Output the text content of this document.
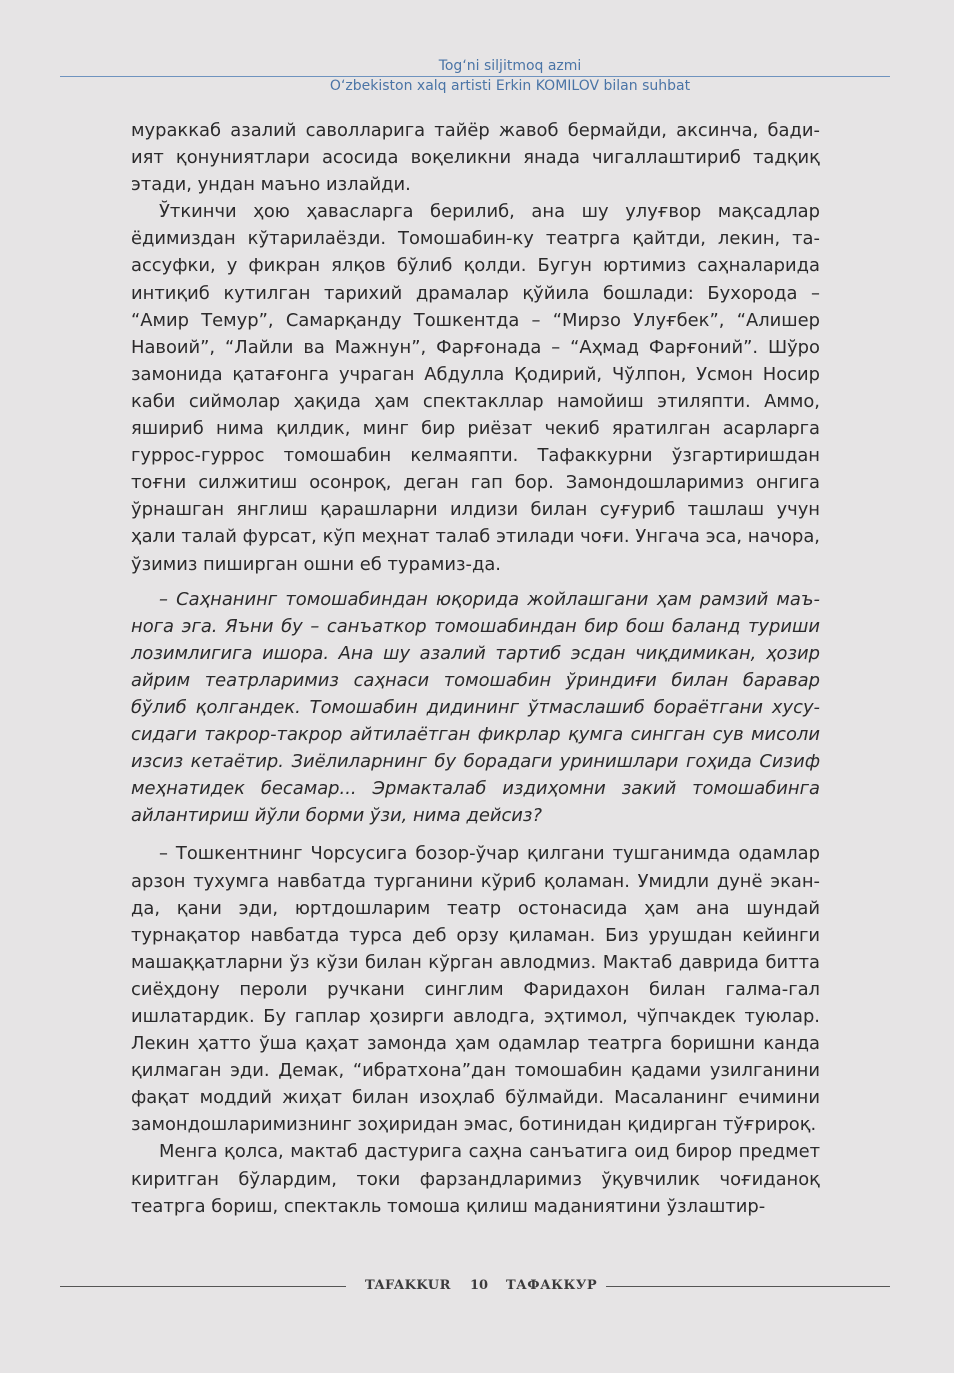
Tog‘ni siljitmoq azmi
O‘zbekiston xalq artisti Erkin KOMILOV bilan suhbat

мураккаб азалий саволларига тайёр жавоб бермайди, аксинча, бадиият қонуниятлари асосида воқеликни янада чигаллаштириб тадқиқ этади, ундан маъно излайди.

Ўткинчи ҳою ҳавасларга берилиб, ана шу улуғвор мақсадлар ёдимиздан кўтарилаёзди. Томошабин-ку театрга қайтди, лекин, таассуфки, у фикран ялқов бўлиб қолди. Бугун юртимиз саҳналарида интиқиб кутилган тарихий драмалар қўйила бошлади: Бухорода – “Амир Темур”, Самарқанду Тошкентда – “Мирзо Улуғбек”, “Алишер Навоий”, “Лайли ва Мажнун”, Фарғонада – “Аҳмад Фарғоний”. Шўро замонида қатағонга учраган Абдулла Қодирий, Чўлпон, Усмон Носир каби сиймолар ҳақида ҳам спектакллар намойиш этиляпти. Аммо, яшириб нима қилдик, минг бир риёзат чекиб яратилган асарларга гуррос-гуррос томошабин келмаяпти. Тафаккурни ўзгартиришдан тоғни силжитиш осонроқ, деган гап бор. Замондошларимиз онгига ўрнашган янглиш қарашларни илдизи билан суғуриб ташлаш учун ҳали талай фурсат, кўп меҳнат талаб этилади чоғи. Унгача эса, начора, ўзимиз пиширган ошни еб турамиз-да.

– Саҳнанинг томошабиндан юқорида жойлашгани ҳам рамзий маънога эга. Яъни бу – санъаткор томошабиндан бир бош баланд туриши лозимлигига ишора. Ана шу азалий тартиб эсдан чиқдимикан, ҳозир айрим театрларимиз саҳнаси томошабин ўриндиғи билан баравар бўлиб қолгандек. Томошабин дидининг ўтмаслашиб бораётгани хусусидаги такрор-такрор айтилаётган фикрлар қумга сингган сув мисоли изсиз кетаётир. Зиёлиларнинг бу борадаги уринишлари гоҳида Сизиф меҳнатидек бесамар... Эрмакталаб издиҳомни закий томошабинга айлантириш йўли борми ўзи, нима дейсиз?

– Тошкентнинг Чорсусига бозор-ўчар қилгани тушганимда одамлар арзон тухумга навбатда турганини кўриб қоламан. Умидли дунё экан-да, қани эди, юртдошларим театр остонасида ҳам ана шундай турнақатор навбатда турса деб орзу қиламан. Биз урушдан кейинги машаққатларни ўз кўзи билан кўрган авлодмиз. Мактаб даврида битта сиёҳдону пероли ручкани синглим Фаридахон билан галма-гал ишлатардик. Бу гаплар ҳозирги авлодга, эҳтимол, чўпчакдек туюлар. Лекин ҳатто ўша қаҳат замонда ҳам одамлар театрга боришни канда қилмаган эди. Демак, “ибратхона”дан томошабин қадами узилганини фақат моддий жиҳат билан изоҳлаб бўлмайди. Масаланинг ечимини замондошларимизнинг зоҳиридан эмас, ботинидан қидирган тўғрироқ.

Менга қолса, мактаб дастурига саҳна санъатига оид бирор предмет киритган бўлардим, токи фарзандларимиз ўқувчилик чоғиданоқ театрга бориш, спектакль томоша қилиш маданиятини ўзлаштир-

TAFAKKUR 10 ТАФАККУР
